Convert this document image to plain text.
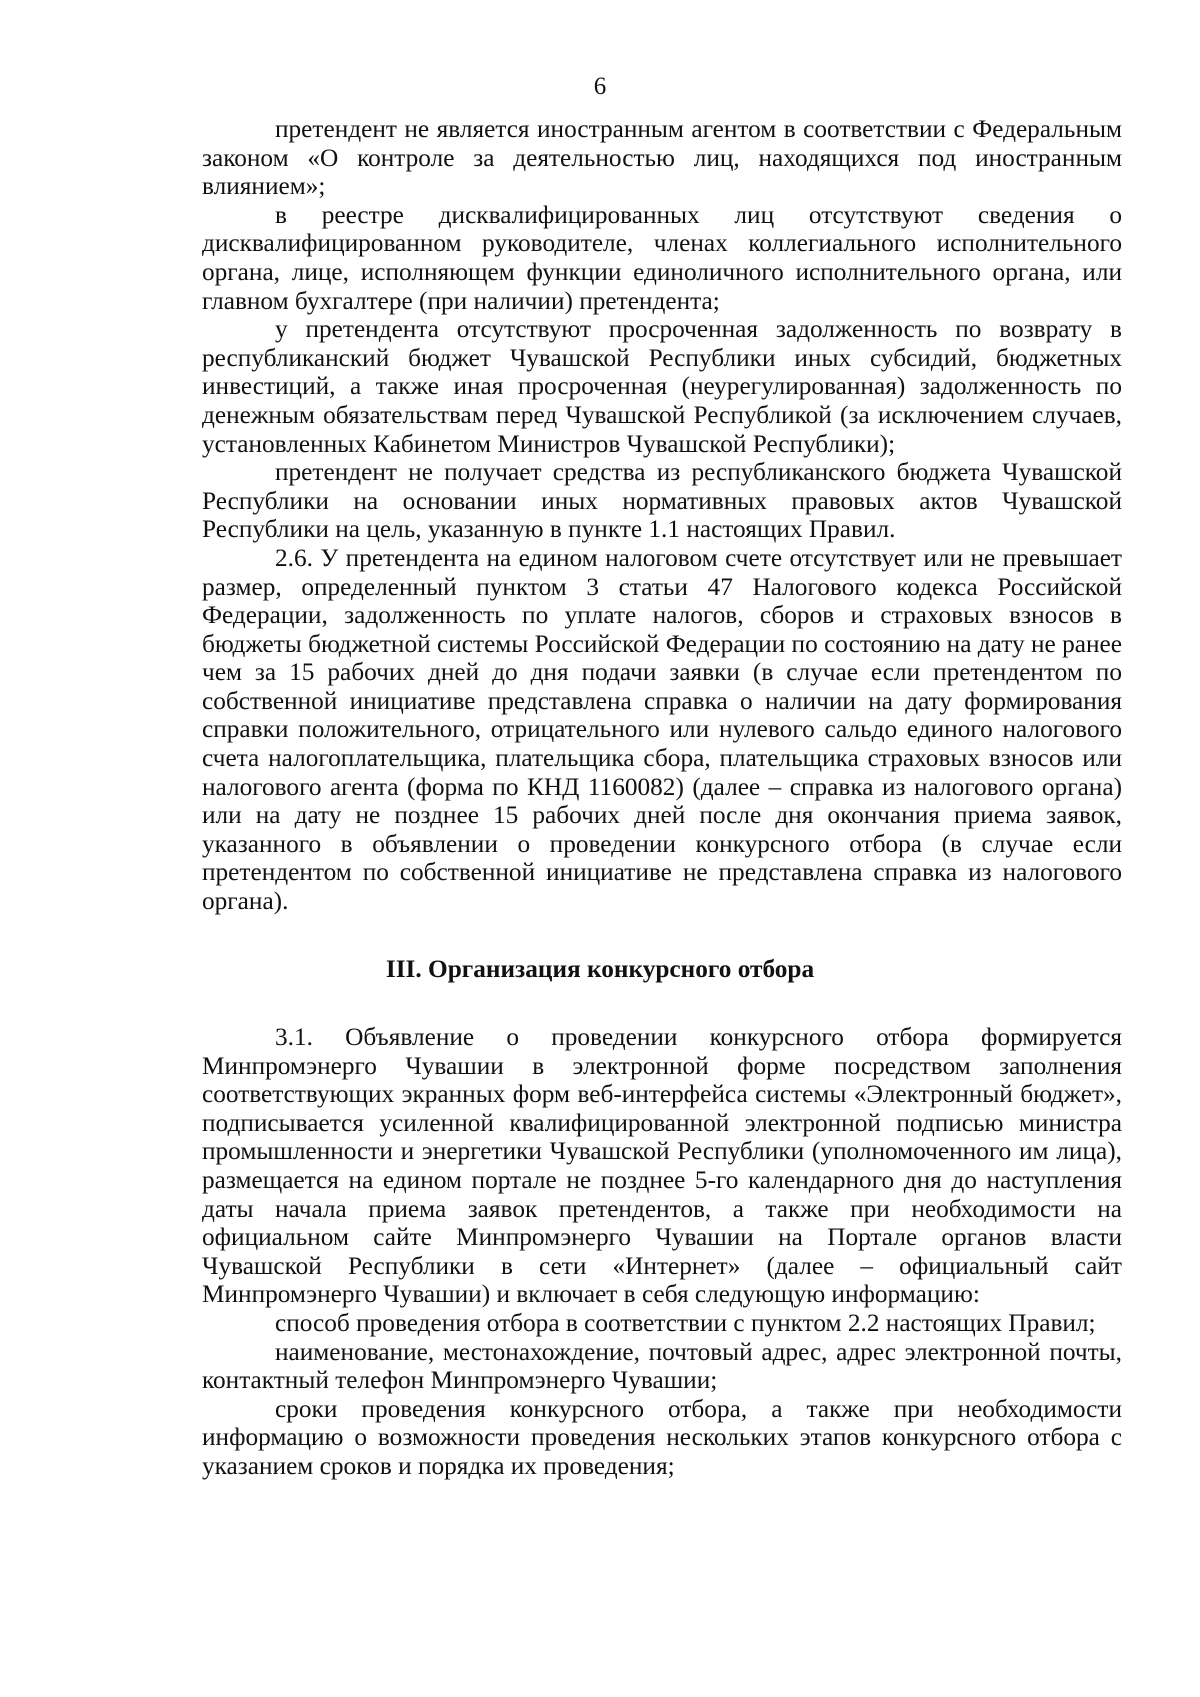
6

претендент не является иностранным агентом в соответствии с Федеральным законом «О контроле за деятельностью лиц, находящихся под иностранным влиянием»;

в реестре дисквалифицированных лиц отсутствуют сведения о дисквалифицированном руководителе, членах коллегиального исполнительного органа, лице, исполняющем функции единоличного исполнительного органа, или главном бухгалтере (при наличии) претендента;

у претендента отсутствуют просроченная задолженность по возврату в республиканский бюджет Чувашской Республики иных субсидий, бюджетных инвестиций, а также иная просроченная (неурегулированная) задолженность по денежным обязательствам перед Чувашской Республикой (за исключением случаев, установленных Кабинетом Министров Чувашской Республики);

претендент не получает средства из республиканского бюджета Чувашской Республики на основании иных нормативных правовых актов Чувашской Республики на цель, указанную в пункте 1.1 настоящих Правил.

2.6. У претендента на едином налоговом счете отсутствует или не превышает размер, определенный пунктом 3 статьи 47 Налогового кодекса Российской Федерации, задолженность по уплате налогов, сборов и страховых взносов в бюджеты бюджетной системы Российской Федерации по состоянию на дату не ранее чем за 15 рабочих дней до дня подачи заявки (в случае если претендентом по собственной инициативе представлена справка о наличии на дату формирования справки положительного, отрицательного или нулевого сальдо единого налогового счета налогоплательщика, плательщика сбора, плательщика страховых взносов или налогового агента (форма по КНД 1160082) (далее – справка из налогового органа) или на дату не позднее 15 рабочих дней после дня окончания приема заявок, указанного в объявлении о проведении конкурсного отбора (в случае если претендентом по собственной инициативе не представлена справка из налогового органа).

III. Организация конкурсного отбора

3.1. Объявление о проведении конкурсного отбора формируется Минпромэнерго Чувашии в электронной форме посредством заполнения соответствующих экранных форм веб-интерфейса системы «Электронный бюджет», подписывается усиленной квалифицированной электронной подписью министра промышленности и энергетики Чувашской Республики (уполномоченного им лица), размещается на едином портале не позднее 5-го календарного дня до наступления даты начала приема заявок претендентов, а также при необходимости на официальном сайте Минпромэнерго Чувашии на Портале органов власти Чувашской Республики в сети «Интернет» (далее – официальный сайт Минпромэнерго Чувашии) и включает в себя следующую информацию:

способ проведения отбора в соответствии с пунктом 2.2 настоящих Правил;

наименование, местонахождение, почтовый адрес, адрес электронной почты, контактный телефон Минпромэнерго Чувашии;

сроки проведения конкурсного отбора, а также при необходимости информацию о возможности проведения нескольких этапов конкурсного отбора с указанием сроков и порядка их проведения;
